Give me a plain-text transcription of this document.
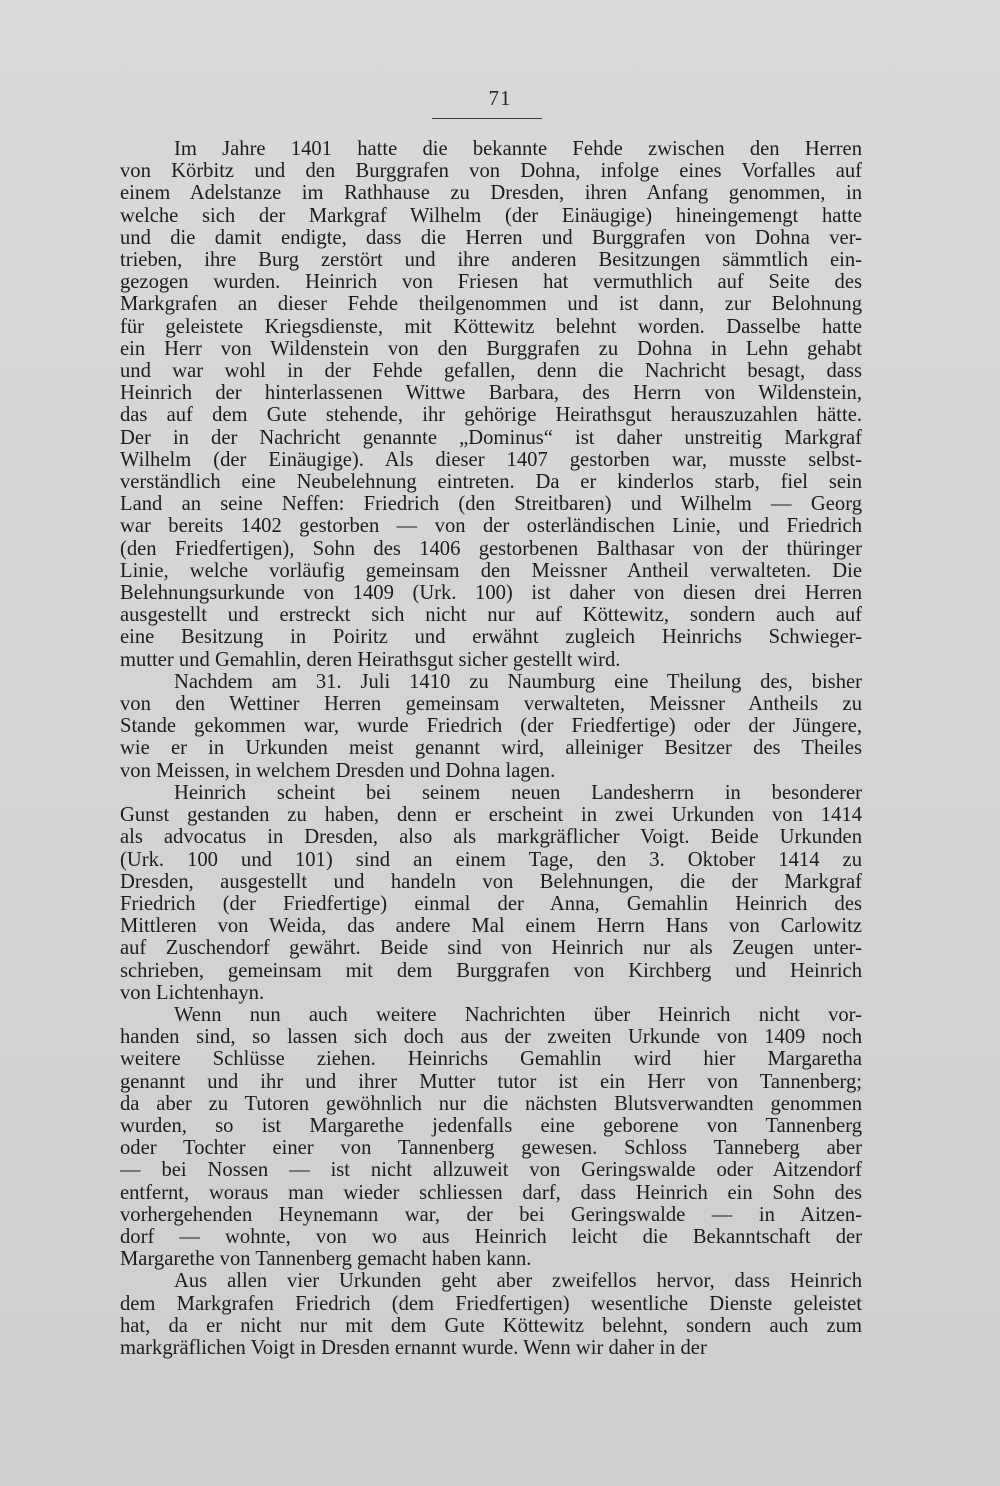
71
Im Jahre 1401 hatte die bekannte Fehde zwischen den Herren
von Körbitz und den Burggrafen von Dohna, infolge eines Vorfalles auf
einem Adelstanze im Rathhause zu Dresden, ihren Anfang genommen, in
welche sich der Markgraf Wilhelm (der Einäugige) hineingemengt hatte
und die damit endigte, dass die Herren und Burggrafen von Dohna ver-
trieben, ihre Burg zerstört und ihre anderen Besitzungen sämmtlich ein-
gezogen wurden. Heinrich von Friesen hat vermuthlich auf Seite des
Markgrafen an dieser Fehde theilgenommen und ist dann, zur Belohnung
für geleistete Kriegsdienste, mit Köttewitz belehnt worden. Dasselbe hatte
ein Herr von Wildenstein von den Burggrafen zu Dohna in Lehn gehabt
und war wohl in der Fehde gefallen, denn die Nachricht besagt, dass
Heinrich der hinterlassenen Wittwe Barbara, des Herrn von Wildenstein,
das auf dem Gute stehende, ihr gehörige Heirathsgut herauszuzahlen hätte.
Der in der Nachricht genannte „Dominus“ ist daher unstreitig Markgraf
Wilhelm (der Einäugige). Als dieser 1407 gestorben war, musste selbst-
verständlich eine Neubelehnung eintreten. Da er kinderlos starb, fiel sein
Land an seine Neffen: Friedrich (den Streitbaren) und Wilhelm — Georg
war bereits 1402 gestorben — von der osterländischen Linie, und Friedrich
(den Friedfertigen), Sohn des 1406 gestorbenen Balthasar von der thüringer
Linie, welche vorläufig gemeinsam den Meissner Antheil verwalteten. Die
Belehnungsurkunde von 1409 (Urk. 100) ist daher von diesen drei Herren
ausgestellt und erstreckt sich nicht nur auf Köttewitz, sondern auch auf
eine Besitzung in Poiritz und erwähnt zugleich Heinrichs Schwieger-
mutter und Gemahlin, deren Heirathsgut sicher gestellt wird.
Nachdem am 31. Juli 1410 zu Naumburg eine Theilung des, bisher
von den Wettiner Herren gemeinsam verwalteten, Meissner Antheils zu
Stande gekommen war, wurde Friedrich (der Friedfertige) oder der Jüngere,
wie er in Urkunden meist genannt wird, alleiniger Besitzer des Theiles
von Meissen, in welchem Dresden und Dohna lagen.
Heinrich scheint bei seinem neuen Landesherrn in besonderer
Gunst gestanden zu haben, denn er erscheint in zwei Urkunden von 1414
als advocatus in Dresden, also als markgräflicher Voigt. Beide Urkunden
(Urk. 100 und 101) sind an einem Tage, den 3. Oktober 1414 zu
Dresden, ausgestellt und handeln von Belehnungen, die der Markgraf
Friedrich (der Friedfertige) einmal der Anna, Gemahlin Heinrich des
Mittleren von Weida, das andere Mal einem Herrn Hans von Carlowitz
auf Zuschendorf gewährt. Beide sind von Heinrich nur als Zeugen unter-
schrieben, gemeinsam mit dem Burggrafen von Kirchberg und Heinrich
von Lichtenhayn.
Wenn nun auch weitere Nachrichten über Heinrich nicht vor-
handen sind, so lassen sich doch aus der zweiten Urkunde von 1409 noch
weitere Schlüsse ziehen. Heinrichs Gemahlin wird hier Margaretha
genannt und ihr und ihrer Mutter tutor ist ein Herr von Tannenberg;
da aber zu Tutoren gewöhnlich nur die nächsten Blutsverwandten genommen
wurden, so ist Margarethe jedenfalls eine geborene von Tannenberg
oder Tochter einer von Tannenberg gewesen. Schloss Tanneberg aber
— bei Nossen — ist nicht allzuweit von Geringswalde oder Aitzendorf
entfernt, woraus man wieder schliessen darf, dass Heinrich ein Sohn des
vorhergehenden Heynemann war, der bei Geringswalde — in Aitzen-
dorf — wohnte, von wo aus Heinrich leicht die Bekanntschaft der
Margarethe von Tannenberg gemacht haben kann.
Aus allen vier Urkunden geht aber zweifellos hervor, dass Heinrich
dem Markgrafen Friedrich (dem Friedfertigen) wesentliche Dienste geleistet
hat, da er nicht nur mit dem Gute Köttewitz belehnt, sondern auch zum
markgräflichen Voigt in Dresden ernannt wurde. Wenn wir daher in der
